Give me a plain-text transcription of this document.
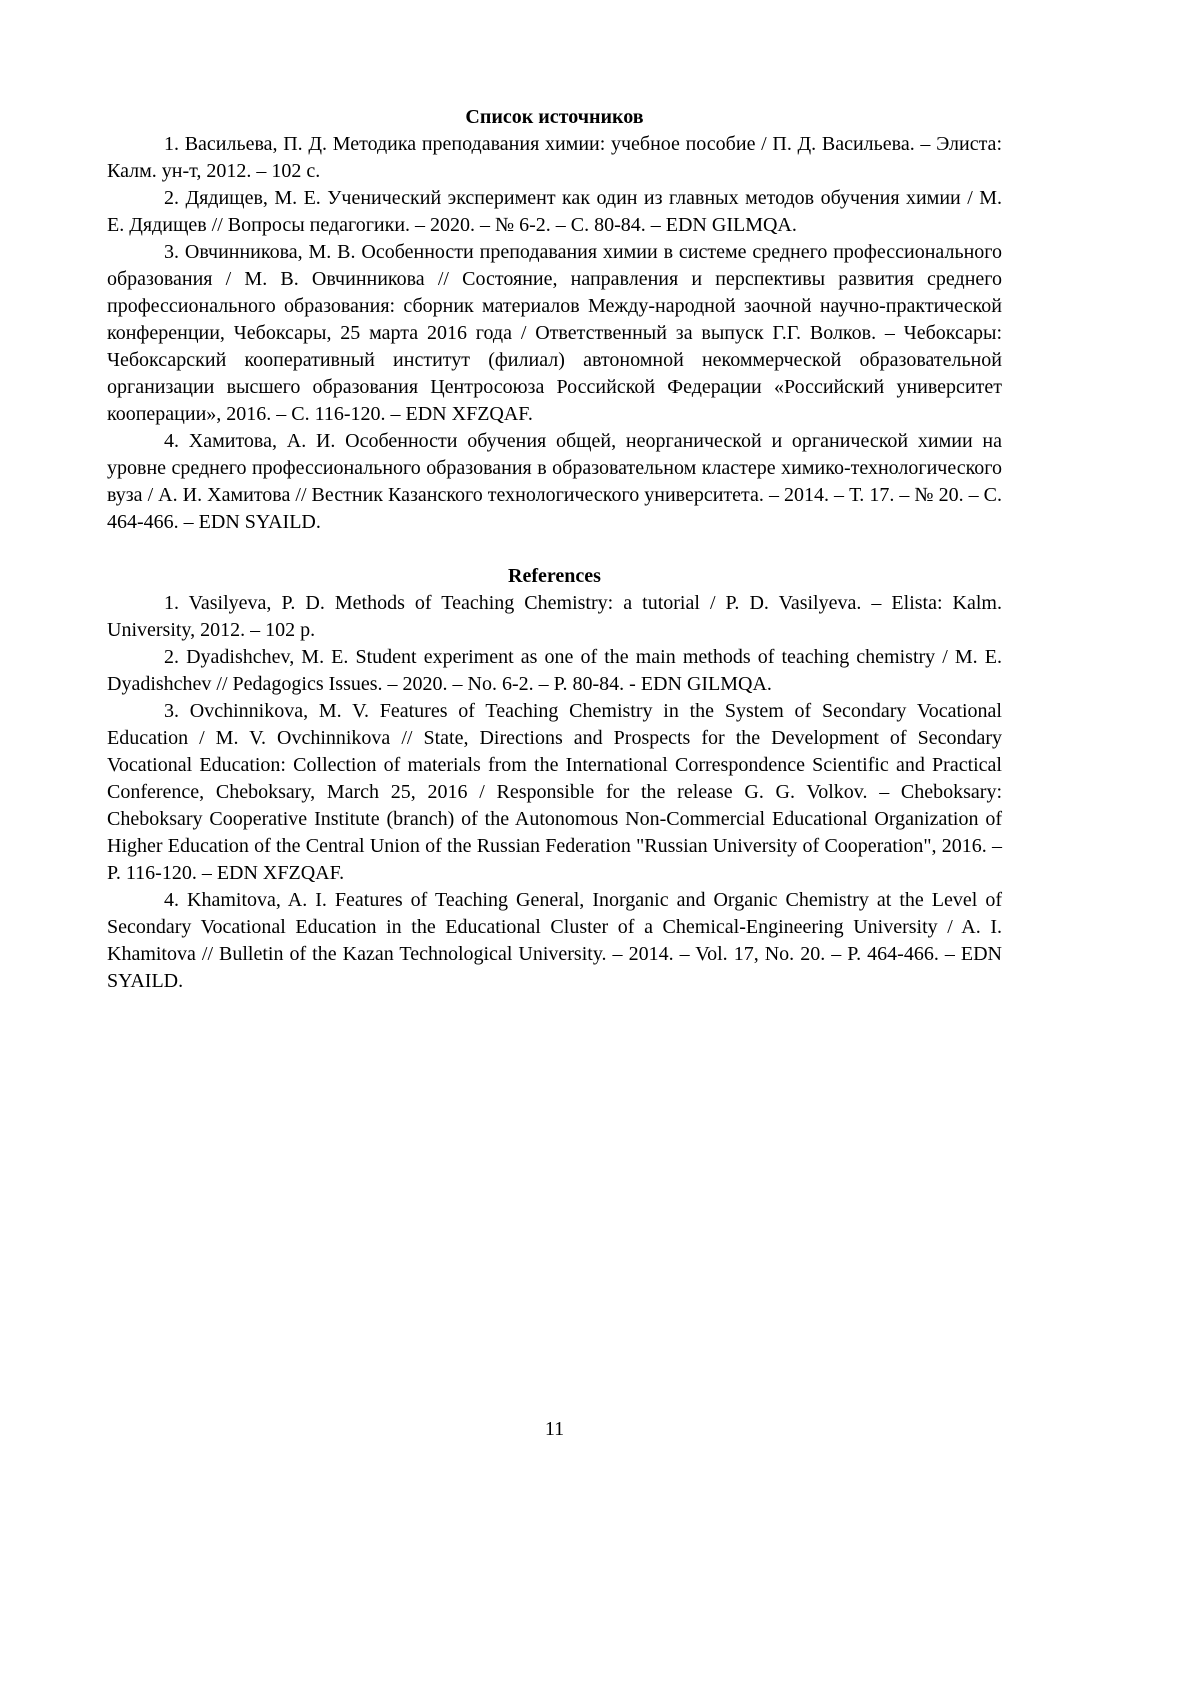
Список источников

1. Васильева, П. Д. Методика преподавания химии: учебное пособие / П. Д. Васильева. – Элиста: Калм. ун-т, 2012. – 102 с.

2. Дядищев, М. Е. Ученический эксперимент как один из главных методов обучения химии / М. Е. Дядищев // Вопросы педагогики. – 2020. – № 6-2. – С. 80-84. – EDN GILMQA.

3. Овчинникова, М. В. Особенности преподавания химии в системе среднего профессионального образования / М. В. Овчинникова // Состояние, направления и перспективы развития среднего профессионального образования: сборник материалов Между-народной заочной научно-практической конференции, Чебоксары, 25 марта 2016 года / Ответственный за выпуск Г.Г. Волков. – Чебоксары: Чебоксарский кооперативный институт (филиал) автономной некоммерческой образовательной организации высшего образования Центросоюза Российской Федерации «Российский университет кооперации», 2016. – С. 116-120. – EDN XFZQAF.

4. Хамитова, А. И. Особенности обучения общей, неорганической и органической химии на уровне среднего профессионального образования в образовательном кластере химико-технологического вуза / А. И. Хамитова // Вестник Казанского технологического университета. – 2014. – Т. 17. – № 20. – С. 464-466. – EDN SYAILD.

References

1. Vasilyeva, P. D. Methods of Teaching Chemistry: a tutorial / P. D. Vasilyeva. – Elista: Kalm. University, 2012. – 102 p.

2. Dyadishchev, M. E. Student experiment as one of the main methods of teaching chemistry / M. E. Dyadishchev // Pedagogics Issues. – 2020. – No. 6-2. – P. 80-84. - EDN GILMQA.

3. Ovchinnikova, M. V. Features of Teaching Chemistry in the System of Secondary Vocational Education / M. V. Ovchinnikova // State, Directions and Prospects for the Development of Secondary Vocational Education: Collection of materials from the International Correspondence Scientific and Practical Conference, Cheboksary, March 25, 2016 / Responsible for the release G. G. Volkov. – Cheboksary: Cheboksary Cooperative Institute (branch) of the Autonomous Non-Commercial Educational Organization of Higher Education of the Central Union of the Russian Federation "Russian University of Cooperation", 2016. – P. 116-120. – EDN XFZQAF.

4. Khamitova, A. I. Features of Teaching General, Inorganic and Organic Chemistry at the Level of Secondary Vocational Education in the Educational Cluster of a Chemical-Engineering University / A. I. Khamitova // Bulletin of the Kazan Technological University. – 2014. – Vol. 17, No. 20. – P. 464-466. – EDN SYAILD.

11
